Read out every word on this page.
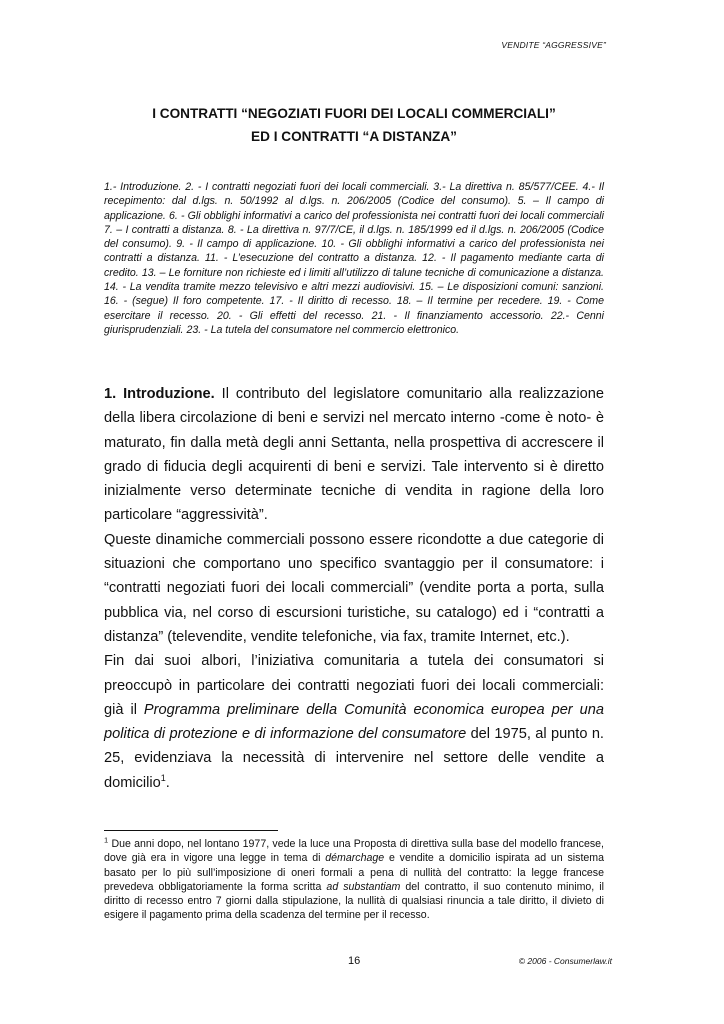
VENDITE “AGGRESSIVE”
I CONTRATTI “NEGOZIATI FUORI DEI LOCALI COMMERCIALI”
ED I CONTRATTI “A DISTANZA”
1.- Introduzione. 2. - I contratti negoziati fuori dei locali commerciali. 3.- La direttiva n. 85/577/CEE. 4.- Il recepimento: dal d.lgs. n. 50/1992 al d.lgs. n. 206/2005 (Codice del consumo). 5. – Il campo di applicazione. 6. - Gli obblighi informativi a carico del professionista nei contratti fuori dei locali commerciali 7. – I contratti a distanza. 8. - La direttiva n. 97/7/CE, il d.lgs. n. 185/1999 ed il d.lgs. n. 206/2005 (Codice del consumo). 9. - Il campo di applicazione. 10. - Gli obblighi informativi a carico del professionista nei contratti a distanza. 11. - L’esecuzione del contratto a distanza. 12. - Il pagamento mediante carta di credito. 13. – Le forniture non richieste ed i limiti all’utilizzo di talune tecniche di comunicazione a distanza. 14. - La vendita tramite mezzo televisivo e altri mezzi audiovisivi. 15. – Le disposizioni comuni: sanzioni. 16. - (segue) Il foro competente. 17. - Il diritto di recesso. 18. – Il termine per recedere. 19. - Come esercitare il recesso. 20. - Gli effetti del recesso. 21. - Il finanziamento accessorio. 22.- Cenni giurisprudenziali. 23. - La tutela del consumatore nel commercio elettronico.

1. Introduzione. Il contributo del legislatore comunitario alla realizzazione della libera circolazione di beni e servizi nel mercato interno -come è noto- è maturato, fin dalla metà degli anni Settanta, nella prospettiva di accrescere il grado di fiducia degli acquirenti di beni e servizi. Tale intervento si è diretto inizialmente verso determinate tecniche di vendita in ragione della loro particolare “aggressività”.

Queste dinamiche commerciali possono essere ricondotte a due categorie di situazioni che comportano uno specifico svantaggio per il consumatore: i “contratti negoziati fuori dei locali commerciali” (vendite porta a porta, sulla pubblica via, nel corso di escursioni turistiche, su catalogo) ed i “contratti a distanza” (televendite, vendite telefoniche, via fax, tramite Internet, etc.).

Fin dai suoi albori, l’iniziativa comunitaria a tutela dei consumatori si preoccupò in particolare dei contratti negoziati fuori dei locali commerciali: già il Programma preliminare della Comunità economica europea per una politica di protezione e di informazione del consumatore del 1975, al punto n. 25, evidenziava la necessità di intervenire nel settore delle vendite a domicilio$^1$.

$^1$ Due anni dopo, nel lontano 1977, vede la luce una Proposta di direttiva sulla base del modello francese, dove già era in vigore una legge in tema di démarchage e vendite a domicilio ispirata ad un sistema basato per lo più sull’imposizione di oneri formali a pena di nullità del contratto: la legge francese prevedeva obbligatoriamente la forma scritta ad substantiam del contratto, il suo contenuto minimo, il diritto di recesso entro 7 giorni dalla stipulazione, la nullità di qualsiasi rinuncia a tale diritto, il divieto di esigere il pagamento prima della scadenza del termine per il recesso.
16	© 2006 - Consumerlaw.it
